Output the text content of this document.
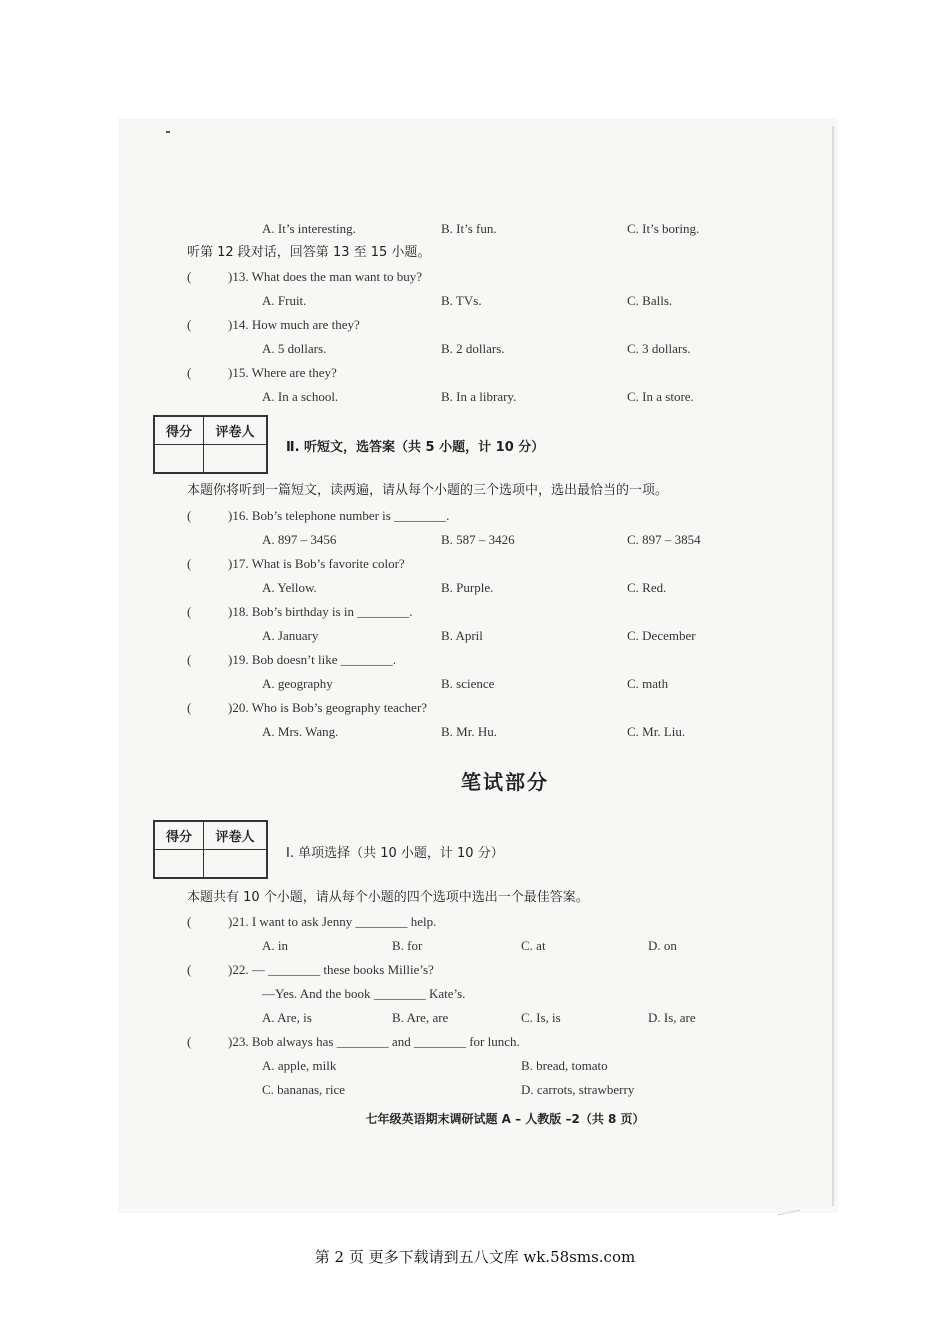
A. It’s interesting.	B. It’s fun.	C. It’s boring.
听第 12 段对话，回答第 13 至 15 小题。
(	)13. What does the man want to buy?
A. Fruit.	B. TVs.	C. Balls.
(	)14. How much are they?
A. 5 dollars.	B. 2 dollars.	C. 3 dollars.
(	)15. Where are they?
A. In a school.	B. In a library.	C. In a store.
得分	评卷人

Ⅱ. 听短文，选答案（共 5 小题，计 10 分）
本题你将听到一篇短文，读两遍，请从每个小题的三个选项中，选出最恰当的一项。
(	)16. Bob’s telephone number is ________.
A. 897 – 3456	B. 587 – 3426	C. 897 – 3854
(	)17. What is Bob’s favorite color?
A. Yellow.	B. Purple.	C. Red.
(	)18. Bob’s birthday is in ________.
A. January	B. April	C. December
(	)19. Bob doesn’t like ________.
A. geography	B. science	C. math
(	)20. Who is Bob’s geography teacher?
A. Mrs. Wang.	B. Mr. Hu.	C. Mr. Liu.
笔试部分
得分	评卷人

Ⅰ. 单项选择（共 10 小题，计 10 分）
本题共有 10 个小题，请从每个小题的四个选项中选出一个最佳答案。
(	)21. I want to ask Jenny ________ help.
A. in	B. for	C. at	D. on
(	)22. — ________ these books Millie’s?
—Yes. And the book ________ Kate’s.
A. Are, is	B. Are, are	C. Is, is	D. Is, are
(	)23. Bob always has ________ and ________ for lunch.
A. apple, milk	B. bread, tomato
C. bananas, rice	D. carrots, strawberry
七年级英语期末调研试题 A – 人教版 –2（共 8 页）
第 2 页 更多下载请到五八文库 wk.58sms.com
